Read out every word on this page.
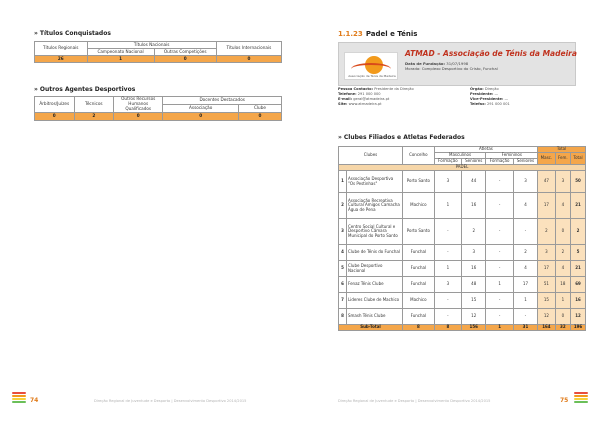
» Títulos Conquistados
Títulos Regionais	Títulos Nacionais		Títulos Internacionais
	Campeonato Nacional	Outras Competições	
26	1	0	0
» Outros Agentes Desportivos
Árbitros/Juízes	Técnicos	Outros Recursos Humanos Qualificados	Docentes Destacados	
			Associação	Clube
0	2	0	0	0
74	Direção Regional de Juventude e Desporto | Desenvolvimento Desportivo 2014/2015
1.1.23 Padel e Ténis
Associação de Ténis da Madeira
ATMAD - Associação de Ténis da Madeira
Data de Fundação: 31/07/1998
Morada: Complexo Desportivo do Cristo, Funchal
Pessoa Contacto: Presidente da Direção
Telefone: 291 000 000
E-mail: geral@atmadeira.pt
Site: www.atmadeira.pt
Órgão: Direção
Presidente: —
Vice-Presidente: —
Telefax: 291 000 001
» Clubes Filiados e Atletas Federados
Clubes		Concelho	Atletas				Total		
			Masculinos		Femininos		Masc.	Fem.	Total
			Formação	Seniores	Formação	Seniores			
PADEL									
1	Associação Desportiva "Os Pestinhas"	Porto Santo	3	44	-	3	47	3	50
2	Associação Recreativa Cultural Amigos Camacha Água de Pena	Machico	1	16	-	4	17	4	21
3	Centro Social Cultural e Desportivo Câmara Municipal do Porto Santo	Porto Santo	-	2	-	-	2	0	2
4	Clube de Ténis do Funchal	Funchal	-	3	-	2	3	2	5
5	Clube Desportivo Nacional	Funchal	1	16	-	4	17	4	21
6	Fenaz Ténis Clube	Funchal	3	48	1	17	51	18	69
7	Lideres Clube de Machico	Machico	-	15	-	1	15	1	16
8	Smash Ténis Clube	Funchal	-	12	-	-	12	0	12
Sub-Total		8	8	156	1	31	164	32	196
75
Direção Regional de Juventude e Desporto | Desenvolvimento Desportivo 2014/2015
